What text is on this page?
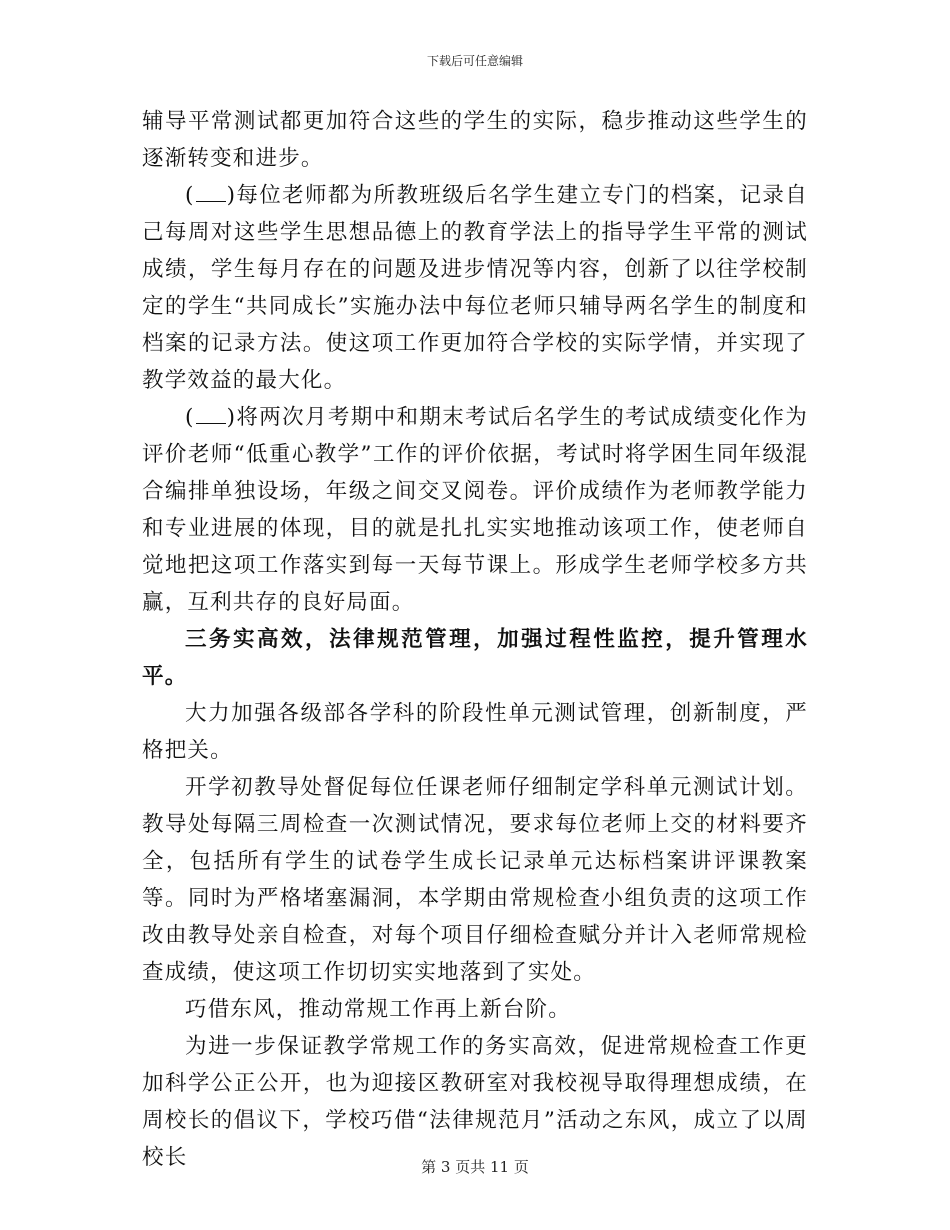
下载后可任意编辑

辅导平常测试都更加符合这些的学生的实际，稳步推动这些学生的逐渐转变和进步。

( )每位老师都为所教班级后名学生建立专门的档案，记录自己每周对这些学生思想品德上的教育学法上的指导学生平常的测试成绩，学生每月存在的问题及进步情况等内容，创新了以往学校制定的学生“共同成长”实施办法中每位老师只辅导两名学生的制度和档案的记录方法。使这项工作更加符合学校的实际学情，并实现了教学效益的最大化。

( )将两次月考期中和期末考试后名学生的考试成绩变化作为评价老师“低重心教学”工作的评价依据，考试时将学困生同年级混合编排单独设场，年级之间交叉阅卷。评价成绩作为老师教学能力和专业进展的体现，目的就是扎扎实实地推动该项工作，使老师自觉地把这项工作落实到每一天每节课上。形成学生老师学校多方共赢，互利共存的良好局面。

三务实高效，法律规范管理，加强过程性监控，提升管理水平。

大力加强各级部各学科的阶段性单元测试管理，创新制度，严格把关。

开学初教导处督促每位任课老师仔细制定学科单元测试计划。教导处每隔三周检查一次测试情况，要求每位老师上交的材料要齐全，包括所有学生的试卷学生成长记录单元达标档案讲评课教案等。同时为严格堵塞漏洞，本学期由常规检查小组负责的这项工作改由教导处亲自检查，对每个项目仔细检查赋分并计入老师常规检查成绩，使这项工作切切实实地落到了实处。

巧借东风，推动常规工作再上新台阶。

为进一步保证教学常规工作的务实高效，促进常规检查工作更加科学公正公开，也为迎接区教研室对我校视导取得理想成绩，在周校长的倡议下，学校巧借“法律规范月”活动之东风，成立了以周校长	第 3 页共 11 页
